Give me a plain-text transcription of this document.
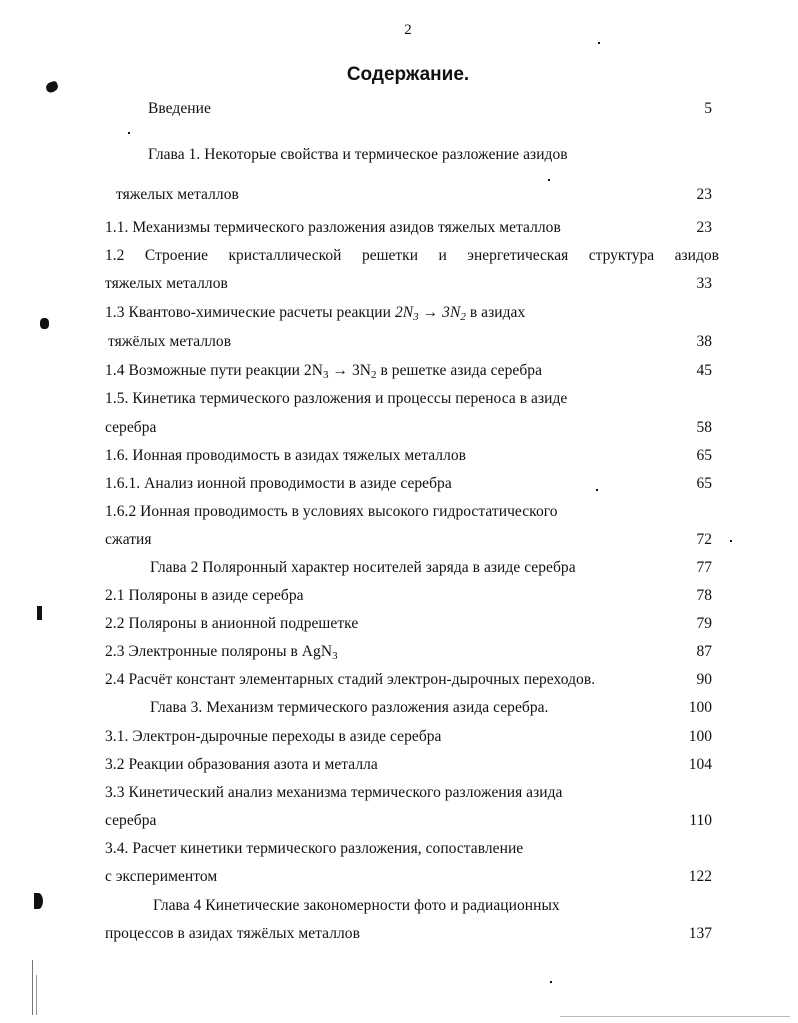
2
Содержание.
Введение	5
Глава 1. Некоторые свойства и термическое разложение азидов
тяжелых металлов	23
1.1. Механизмы термического разложения азидов тяжелых металлов	23
1.2 Строение кристаллической решетки и энергетическая структура азидов
тяжелых металлов	33
1.3 Квантово-химические расчеты реакции $2N_3 \to 3N_2$ в азидах
тяжёлых металлов	38
1.4 Возможные пути реакции $2N_3 \to 3N_2$ в решетке азида серебра	45
1.5. Кинетика термического разложения и процессы переноса в азиде
серебра	58
1.6. Ионная проводимость в азидах тяжелых металлов	65
1.6.1. Анализ ионной проводимости в азиде серебра	65
1.6.2 Ионная проводимость в условиях высокого гидростатического
сжатия	72
Глава 2 Поляронный характер носителей заряда в азиде серебра	77
2.1 Поляроны в азиде серебра	78
2.2 Поляроны в анионной подрешетке	79
2.3 Электронные поляроны в AgN$_3$	87
2.4 Расчёт констант элементарных стадий электрон-дырочных переходов.	90
Глава 3. Механизм термического разложения азида серебра.	100
3.1. Электрон-дырочные переходы в азиде серебра	100
3.2 Реакции образования азота и металла	104
3.3 Кинетический анализ механизма термического разложения азида
серебра	110
3.4. Расчет кинетики термического разложения, сопоставление
с экспериментом	122
Глава 4 Кинетические закономерности фото и радиационных
процессов в азидах тяжёлых металлов	137
